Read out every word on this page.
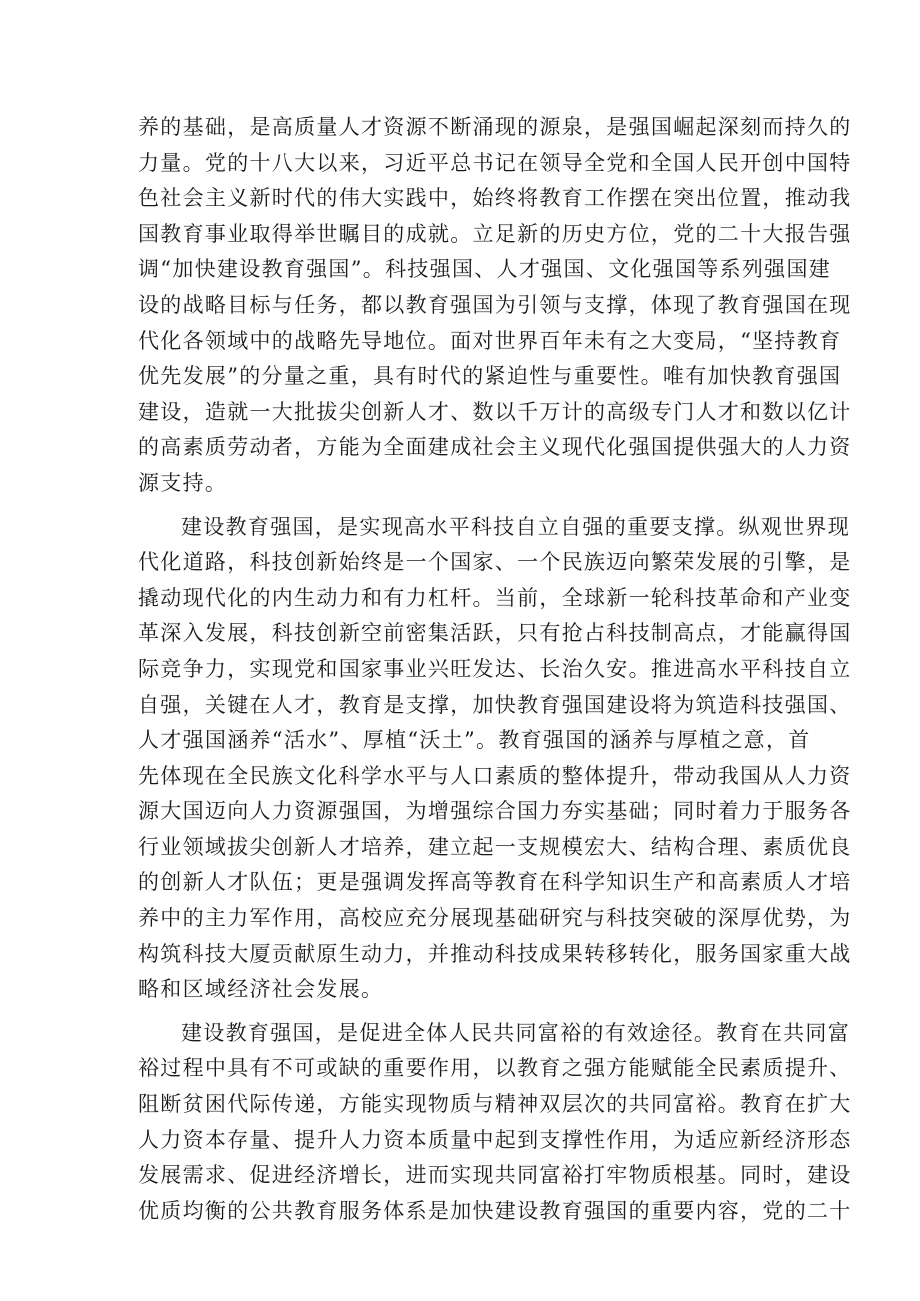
养的基础，是高质量人才资源不断涌现的源泉，是强国崛起深刻而持久的
力量。党的十八大以来，习近平总书记在领导全党和全国人民开创中国特
色社会主义新时代的伟大实践中，始终将教育工作摆在突出位置，推动我
国教育事业取得举世瞩目的成就。立足新的历史方位，党的二十大报告强
调“加快建设教育强国”。科技强国、人才强国、文化强国等系列强国建
设的战略目标与任务，都以教育强国为引领与支撑，体现了教育强国在现
代化各领域中的战略先导地位。面对世界百年未有之大变局，“坚持教育
优先发展”的分量之重，具有时代的紧迫性与重要性。唯有加快教育强国
建设，造就一大批拔尖创新人才、数以千万计的高级专门人才和数以亿计
的高素质劳动者，方能为全面建成社会主义现代化强国提供强大的人力资
源支持。
建设教育强国，是实现高水平科技自立自强的重要支撑。纵观世界现
代化道路，科技创新始终是一个国家、一个民族迈向繁荣发展的引擎，是
撬动现代化的内生动力和有力杠杆。当前，全球新一轮科技革命和产业变
革深入发展，科技创新空前密集活跃，只有抢占科技制高点，才能赢得国
际竞争力，实现党和国家事业兴旺发达、长治久安。推进高水平科技自立
自强，关键在人才，教育是支撑，加快教育强国建设将为筑造科技强国、
人才强国涵养“活水”、厚植“沃土”。教育强国的涵养与厚植之意，首
先体现在全民族文化科学水平与人口素质的整体提升，带动我国从人力资
源大国迈向人力资源强国，为增强综合国力夯实基础；同时着力于服务各
行业领域拔尖创新人才培养，建立起一支规模宏大、结构合理、素质优良
的创新人才队伍；更是强调发挥高等教育在科学知识生产和高素质人才培
养中的主力军作用，高校应充分展现基础研究与科技突破的深厚优势，为
构筑科技大厦贡献原生动力，并推动科技成果转移转化，服务国家重大战
略和区域经济社会发展。
建设教育强国，是促进全体人民共同富裕的有效途径。教育在共同富
裕过程中具有不可或缺的重要作用，以教育之强方能赋能全民素质提升、
阻断贫困代际传递，方能实现物质与精神双层次的共同富裕。教育在扩大
人力资本存量、提升人力资本质量中起到支撑性作用，为适应新经济形态
发展需求、促进经济增长，进而实现共同富裕打牢物质根基。同时，建设
优质均衡的公共教育服务体系是加快建设教育强国的重要内容，党的二十
